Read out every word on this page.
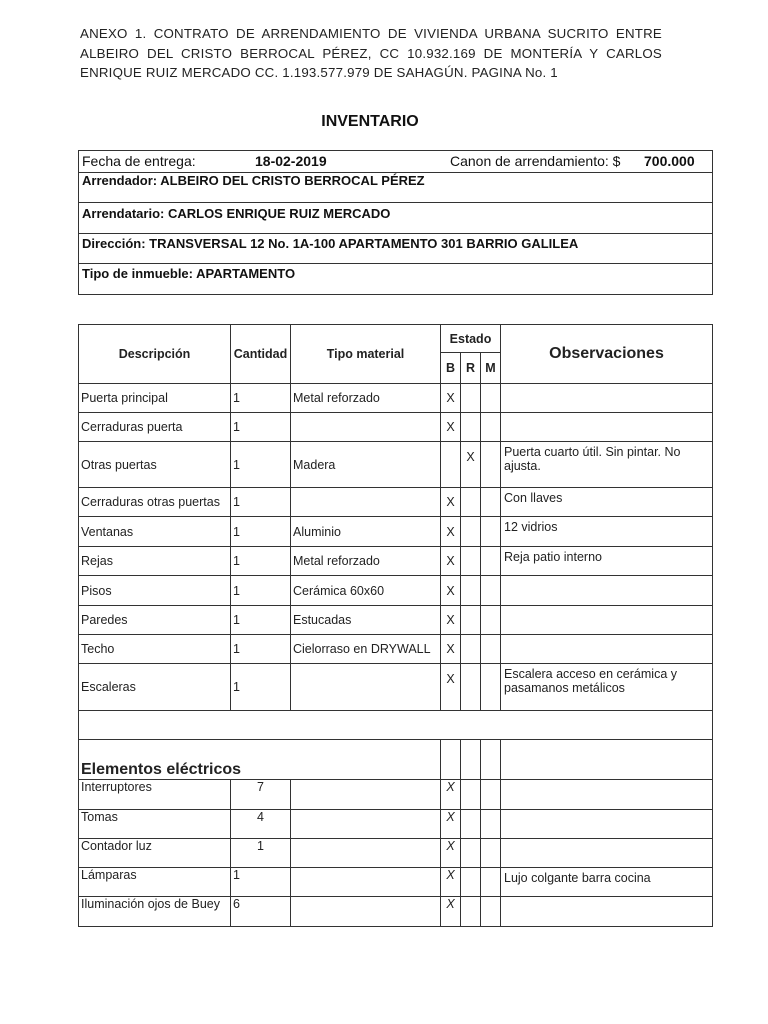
ANEXO 1. CONTRATO DE ARRENDAMIENTO DE VIVIENDA URBANA SUCRITO ENTRE ALBEIRO DEL CRISTO BERROCAL PÉREZ, CC 10.932.169 DE MONTERÍA Y CARLOS ENRIQUE RUIZ MERCADO CC. 1.193.577.979 DE SAHAGÚN. PAGINA No. 1
INVENTARIO
Fecha de entrega:	18-02-2019	Canon de arrendamiento: $	700.000

Arrendador: ALBEIRO DEL CRISTO BERROCAL PÉREZ
Arrendatario: CARLOS ENRIQUE RUIZ MERCADO
Dirección: TRANSVERSAL 12 No. 1A-100 APARTAMENTO 301 BARRIO GALILEA
Tipo de inmueble: APARTAMENTO
Descripción	Cantidad	Tipo material	Estado			Observaciones
			B	R	M	
Puerta principal	1	Metal reforzado	X			
Cerraduras puerta	1		X			
Otras puertas	1	Madera		X		Puerta cuarto útil. Sin pintar. No ajusta.
Cerraduras otras puertas	1		X			Con llaves
Ventanas	1	Aluminio	X			12 vidrios
Rejas	1	Metal reforzado	X			Reja patio interno
Pisos	1	Cerámica 60x60	X			
Paredes	1	Estucadas	X			
Techo	1	Cielorraso en DRYWALL	X			
Escaleras	1		X			Escalera acceso en cerámica y pasamanos metálicos

Elementos eléctricos						
Interruptores	7		X			
Tomas	4		X			
Contador luz	1		X			
Lámparas	1		X			Lujo colgante barra cocina
Iluminación ojos de Buey	6		X			
